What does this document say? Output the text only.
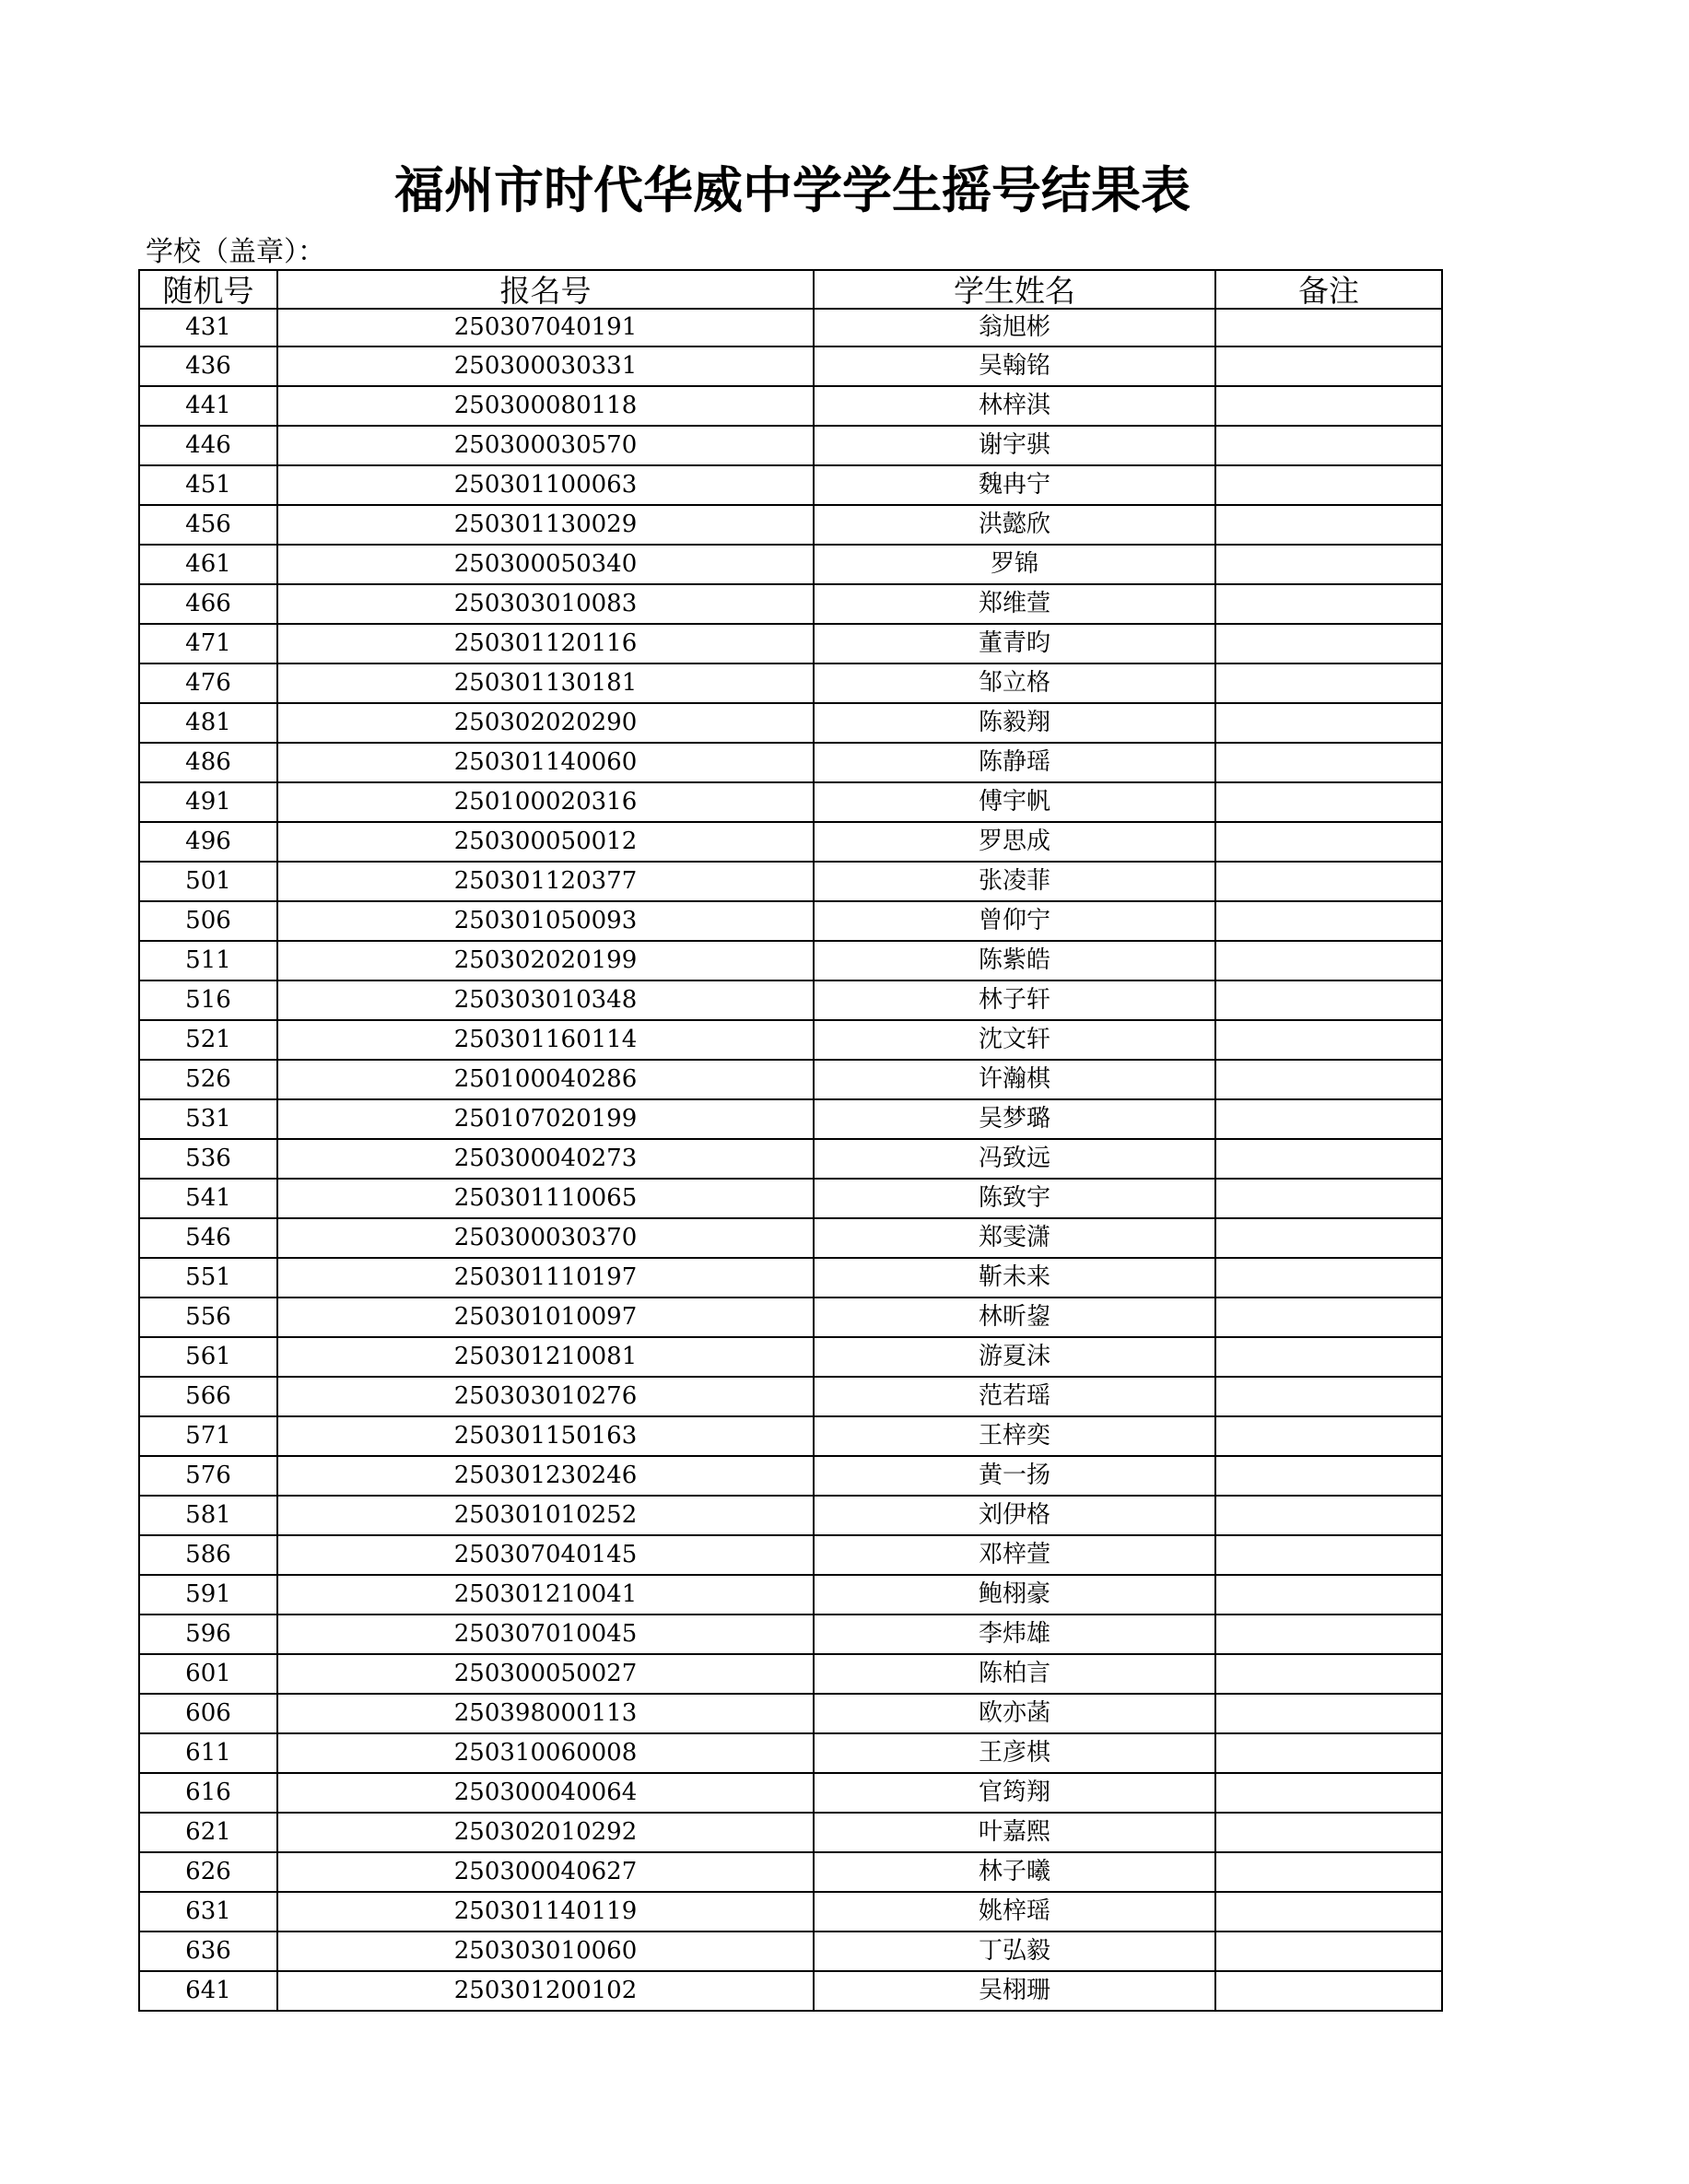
福州市时代华威中学学生摇号结果表
学校（盖章）：
随机号	报名号	学生姓名	备注
431	250307040191	翁旭彬	
436	250300030331	吴翰铭	
441	250300080118	林梓淇	
446	250300030570	谢宇骐	
451	250301100063	魏冉宁	
456	250301130029	洪懿欣	
461	250300050340	罗锦	
466	250303010083	郑维萱	
471	250301120116	董青昀	
476	250301130181	邹立格	
481	250302020290	陈毅翔	
486	250301140060	陈静瑶	
491	250100020316	傅宇帆	
496	250300050012	罗思成	
501	250301120377	张凌菲	
506	250301050093	曾仰宁	
511	250302020199	陈紫皓	
516	250303010348	林子轩	
521	250301160114	沈文轩	
526	250100040286	许瀚棋	
531	250107020199	吴梦璐	
536	250300040273	冯致远	
541	250301110065	陈致宇	
546	250300030370	郑雯潇	
551	250301110197	靳未来	
556	250301010097	林昕鋆	
561	250301210081	游夏沫	
566	250303010276	范若瑶	
571	250301150163	王梓奕	
576	250301230246	黄一扬	
581	250301010252	刘伊格	
586	250307040145	邓梓萱	
591	250301210041	鲍栩豪	
596	250307010045	李炜雄	
601	250300050027	陈柏言	
606	250398000113	欧亦菡	
611	250310060008	王彦棋	
616	250300040064	官筠翔	
621	250302010292	叶嘉熙	
626	250300040627	林子曦	
631	250301140119	姚梓瑶	
636	250303010060	丁弘毅	
641	250301200102	吴栩珊	
